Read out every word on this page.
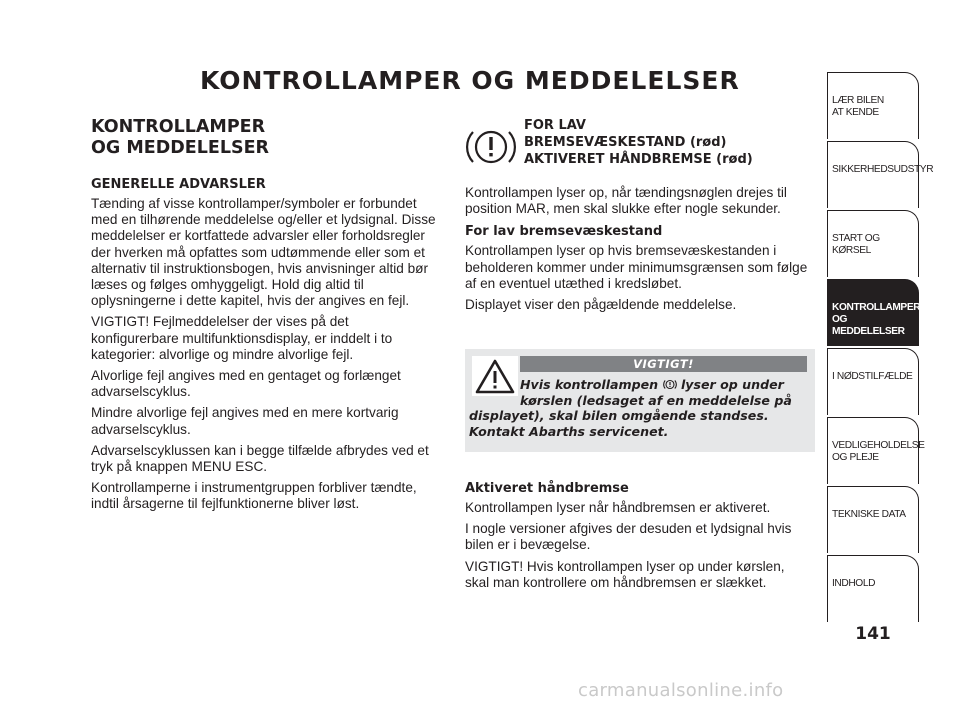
KONTROLLAMPER OG MEDDELELSER
KONTROLLAMPER
OG MEDDELELSER
GENERELLE ADVARSLER

Tænding af visse kontrollamper/symboler er forbundet med en tilhørende meddelelse og/eller et lydsignal. Disse meddelelser er kortfattede advarsler eller forholdsregler der hverken må opfattes som udtømmende eller som et alternativ til instruktionsbogen, hvis anvisninger altid bør læses og følges omhyggeligt. Hold dig altid til oplysningerne i dette kapitel, hvis der angives en fejl.

VIGTIGT! Fejlmeddelelser der vises på det konfigurerbare multifunktionsdisplay, er inddelt i to kategorier: alvorlige og mindre alvorlige fejl.

Alvorlige fejl angives med en gentaget og forlænget advarselscyklus.

Mindre alvorlige fejl angives med en mere kortvarig advarselscyklus.

Advarselscyklussen kan i begge tilfælde afbrydes ved et tryk på knappen MENU ESC.

Kontrollamperne i instrumentgruppen forbliver tændte, indtil årsagerne til fejlfunktionerne bliver løst.

FOR LAV
BREMSEVÆSKESTAND (rød)
AKTIVERET HÅNDBREMSE (rød)

Kontrollampen lyser op, når tændingsnøglen drejes til position MAR, men skal slukke efter nogle sekunder.

For lav bremsevæskestand

Kontrollampen lyser op hvis bremsevæskestanden i beholderen kommer under minimumsgrænsen som følge af en eventuel utæthed i kredsløbet.

Displayet viser den pågældende meddelelse.

VIGTIGT!
Hvis kontrollampen lyser op under
kørslen (ledsaget af en meddelelse på
displayet), skal bilen omgående standses. Kontakt Abarths servicenet.
Aktiveret håndbremse

Kontrollampen lyser når håndbremsen er aktiveret.

I nogle versioner afgives der desuden et lydsignal hvis bilen er i bevægelse.

VIGTIGT! Hvis kontrollampen lyser op under kørslen, skal man kontrollere om håndbremsen er slækket.

LÆR BILEN
AT KENDE
SIKKERHEDSUDSTYR
START OG KØRSEL
KONTROLLAMPER
OG MEDDELELSER
I NØDSTILFÆLDE
VEDLIGEHOLDELSE
OG PLEJE
TEKNISKE DATA
INDHOLD
141
carmanualsonline.info
